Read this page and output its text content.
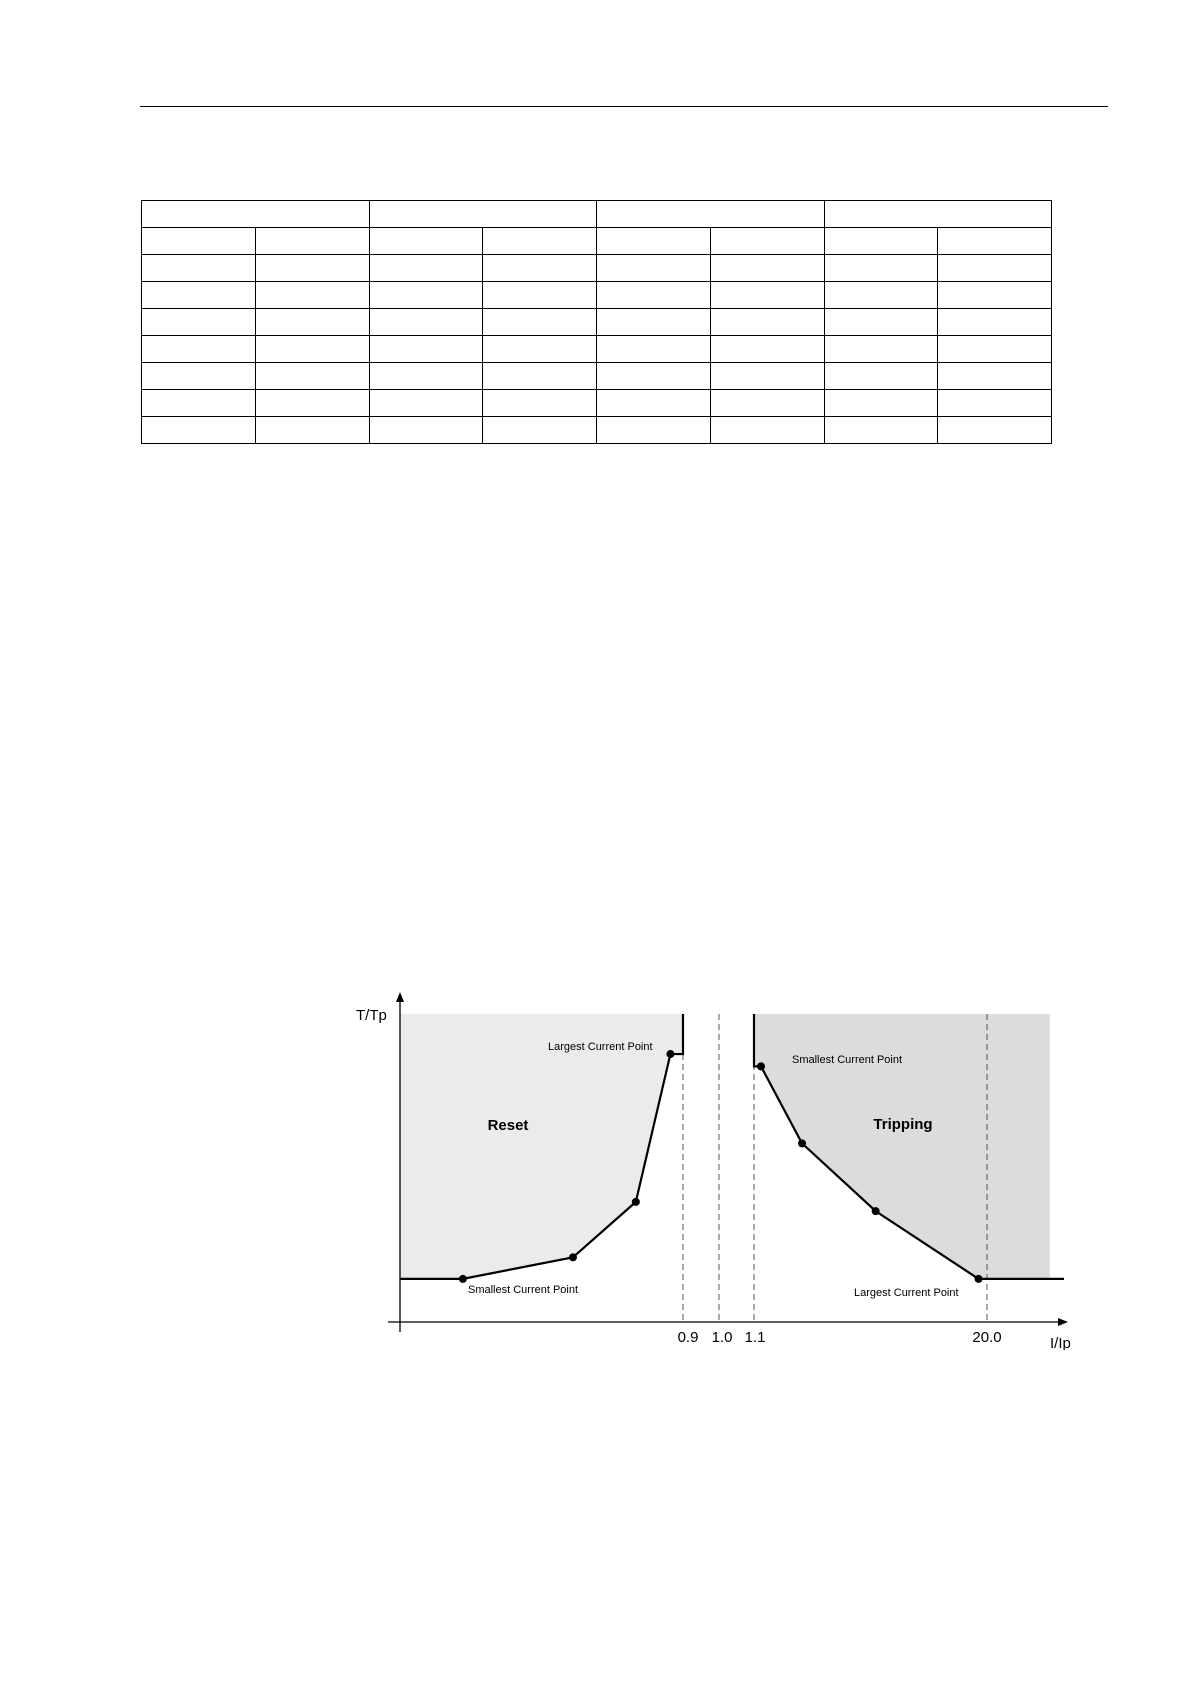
T/Tp
I/Ip
0.9 1.0 1.1	20.0
Reset	Tripping
Largest Current Point
Smallest Current Point
Smallest Current Point
Largest Current Point
